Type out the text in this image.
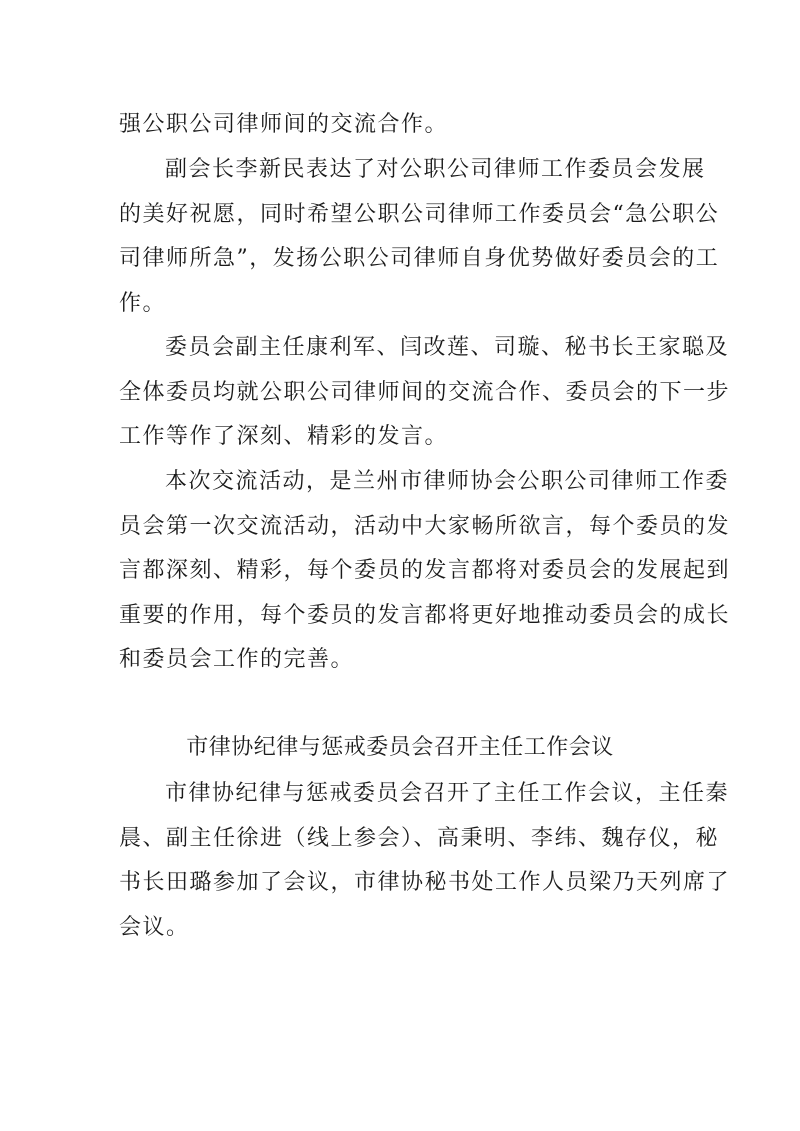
强公职公司律师间的交流合作。
副会长李新民表达了对公职公司律师工作委员会发展
的美好祝愿，同时希望公职公司律师工作委员会“急公职公
司律师所急”，发扬公职公司律师自身优势做好委员会的工
作。
委员会副主任康利军、闫改莲、司璇、秘书长王家聪及
全体委员均就公职公司律师间的交流合作、委员会的下一步
工作等作了深刻、精彩的发言。
本次交流活动，是兰州市律师协会公职公司律师工作委
员会第一次交流活动，活动中大家畅所欲言，每个委员的发
言都深刻、精彩，每个委员的发言都将对委员会的发展起到
重要的作用，每个委员的发言都将更好地推动委员会的成长
和委员会工作的完善。
市律协纪律与惩戒委员会召开主任工作会议
市律协纪律与惩戒委员会召开了主任工作会议，主任秦
晨、副主任徐进（线上参会）、高秉明、李纬、魏存仪，秘
书长田璐参加了会议，市律协秘书处工作人员梁乃天列席了
会议。
